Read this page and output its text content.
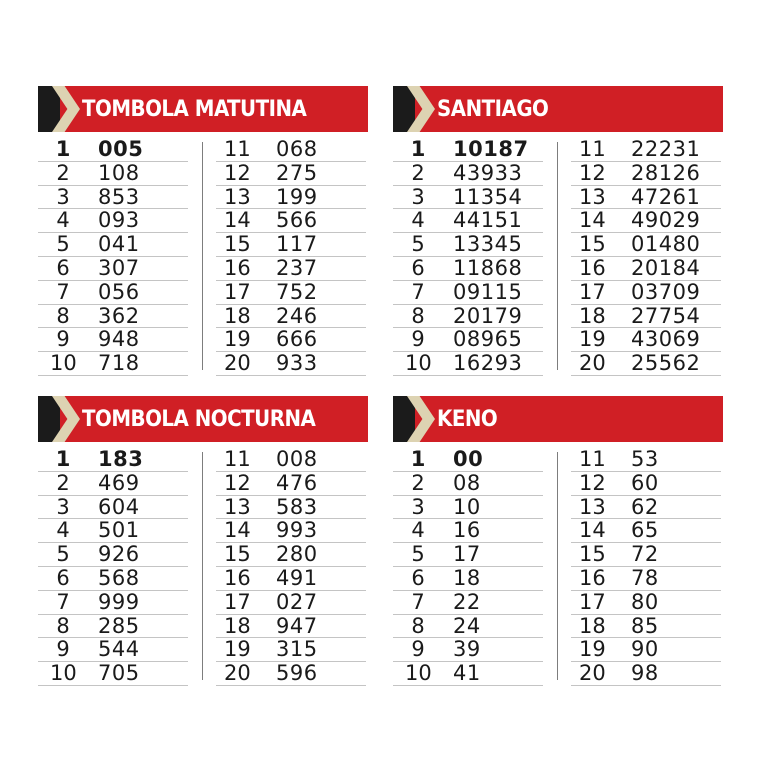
TOMBOLA MATUTINA
1 005
2	108
3	853
4	093
5	041
6	307
7	056
8	362
9	948
10 718
11 068
12 275
13 199
14 566
15 117
16 237
17 752
18 246
19 666
20 933
SANTIAGO
1 10187
2	43933
3	11354
4	44151
5	13345
6	11868
7	09115
8	20179
9	08965
10 16293
11 22231
12 28126
13 47261
14 49029
15 01480
16 20184
17 03709
18 27754
19 43069
20 25562
TOMBOLA NOCTURNA
1 183
2	469
3	604
4	501
5	926
6	568
7	999
8	285
9	544
10 705
11 008
12 476
13 583
14 993
15 280
16 491
17 027
18 947
19 315
20 596
KENO
1 00
2	08
3	10
4	16
5	17
6	18
7	22
8	24
9	39
10 41
11 53
12 60
13 62
14 65
15 72
16 78
17 80
18 85
19 90
20 98
